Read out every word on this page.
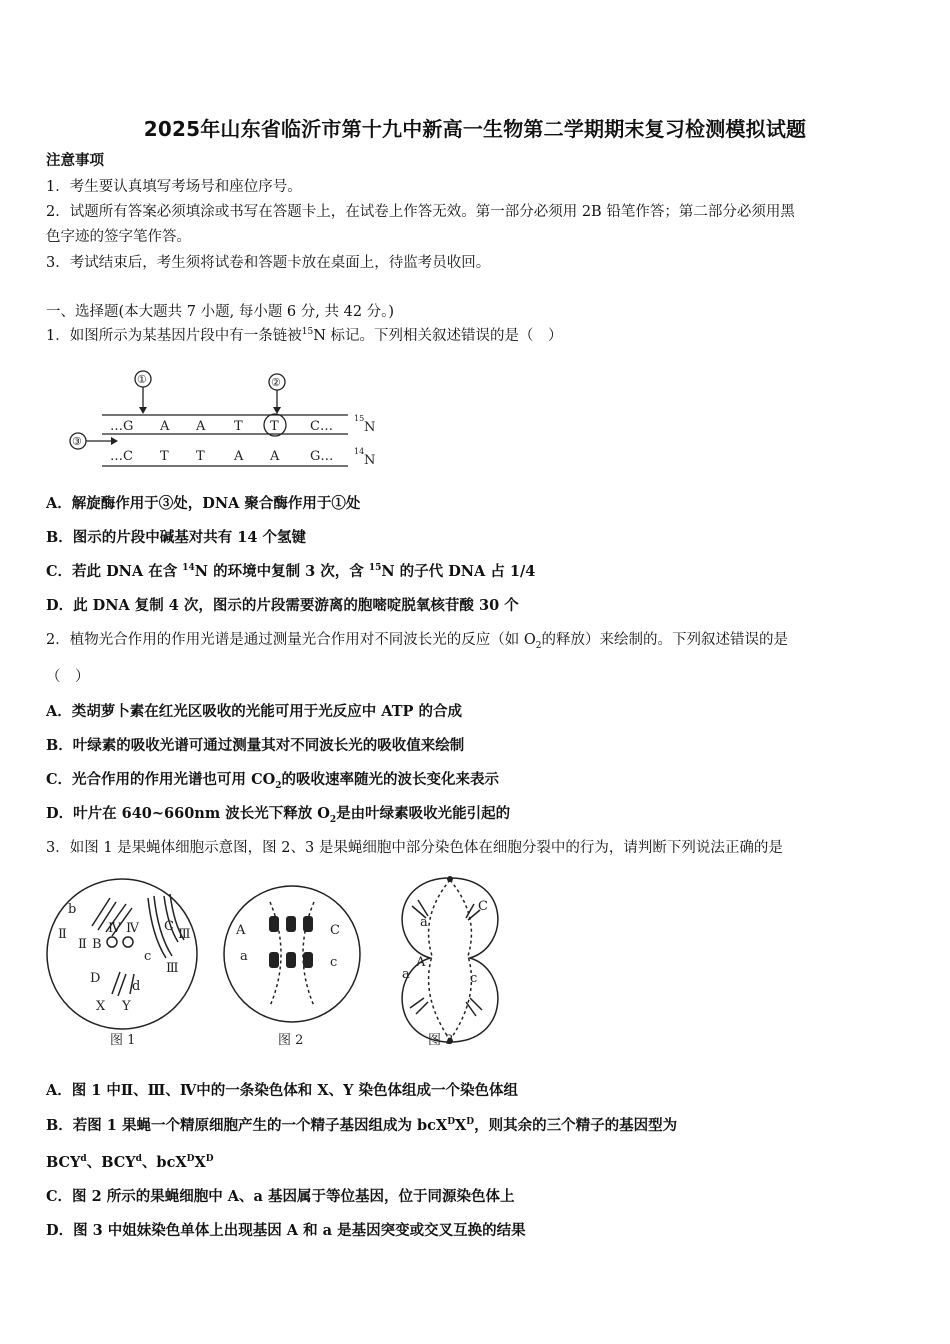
2025年山东省临沂市第十九中新高一生物第二学期期末复习检测模拟试题
注意事项
1．考生要认真填写考场号和座位序号。
2．试题所有答案必须填涂或书写在答题卡上，在试卷上作答无效。第一部分必须用 2B 铅笔作答；第二部分必须用黑
色字迹的签字笔作答。
3．考试结束后，考生须将试卷和答题卡放在桌面上，待监考员收回。
一、选择题(本大题共 7 小题, 每小题 6 分, 共 42 分。)
1．如图所示为某基因片段中有一条链被$^{15}$N 标记。下列相关叙述错误的是（　）
①	②
③
…G A A T T C…
…C T T A A G…
15
N
14
N
A．解旋酶作用于③处，DNA 聚合酶作用于①处
B．图示的片段中碱基对共有 14 个氢键
C．若此 DNA 在含 $^{14}$N 的环境中复制 3 次，含 $^{15}$N 的子代 DNA 占 1/4
D．此 DNA 复制 4 次，图示的片段需要游离的胞嘧啶脱氧核苷酸 30 个
2．植物光合作用的作用光谱是通过测量光合作用对不同波长光的反应（如 $O_2$的释放）来绘制的。下列叙述错误的是
（　）
A．类胡萝卜素在红光区吸收的光能可用于光反应中 ATP 的合成
B．叶绿素的吸收光谱可通过测量其对不同波长光的吸收值来绘制
C．光合作用的作用光谱也可用 $CO_2$的吸收速率随光的波长变化来表示
D．叶片在 640~660nm 波长光下释放 $O_2$是由叶绿素吸收光能引起的
3．如图 1 是果蝇体细胞示意图，图 2、3 是果蝇细胞中部分染色体在细胞分裂中的行为，请判断下列说法正确的是
b
Ⅱ
Ⅱ B
Ⅳ Ⅳ C
Ⅲ
c
Ⅲ
D
d
X Y
A
a
C
c
a
C
a
A
c
图 1	图 2	图 3
A．图 1 中Ⅱ、Ⅲ、Ⅳ中的一条染色体和 X、Y 染色体组成一个染色体组
B．若图 1 果蝇一个精原细胞产生的一个精子基因组成为 $bcX^DX^D$，则其余的三个精子的基因型为
BCY$^d$、BCY$^d$、$bcX^DX^D$
C．图 2 所示的果蝇细胞中 A、a 基因属于等位基因，位于同源染色体上
D．图 3 中姐妹染色单体上出现基因 A 和 a 是基因突变或交叉互换的结果
